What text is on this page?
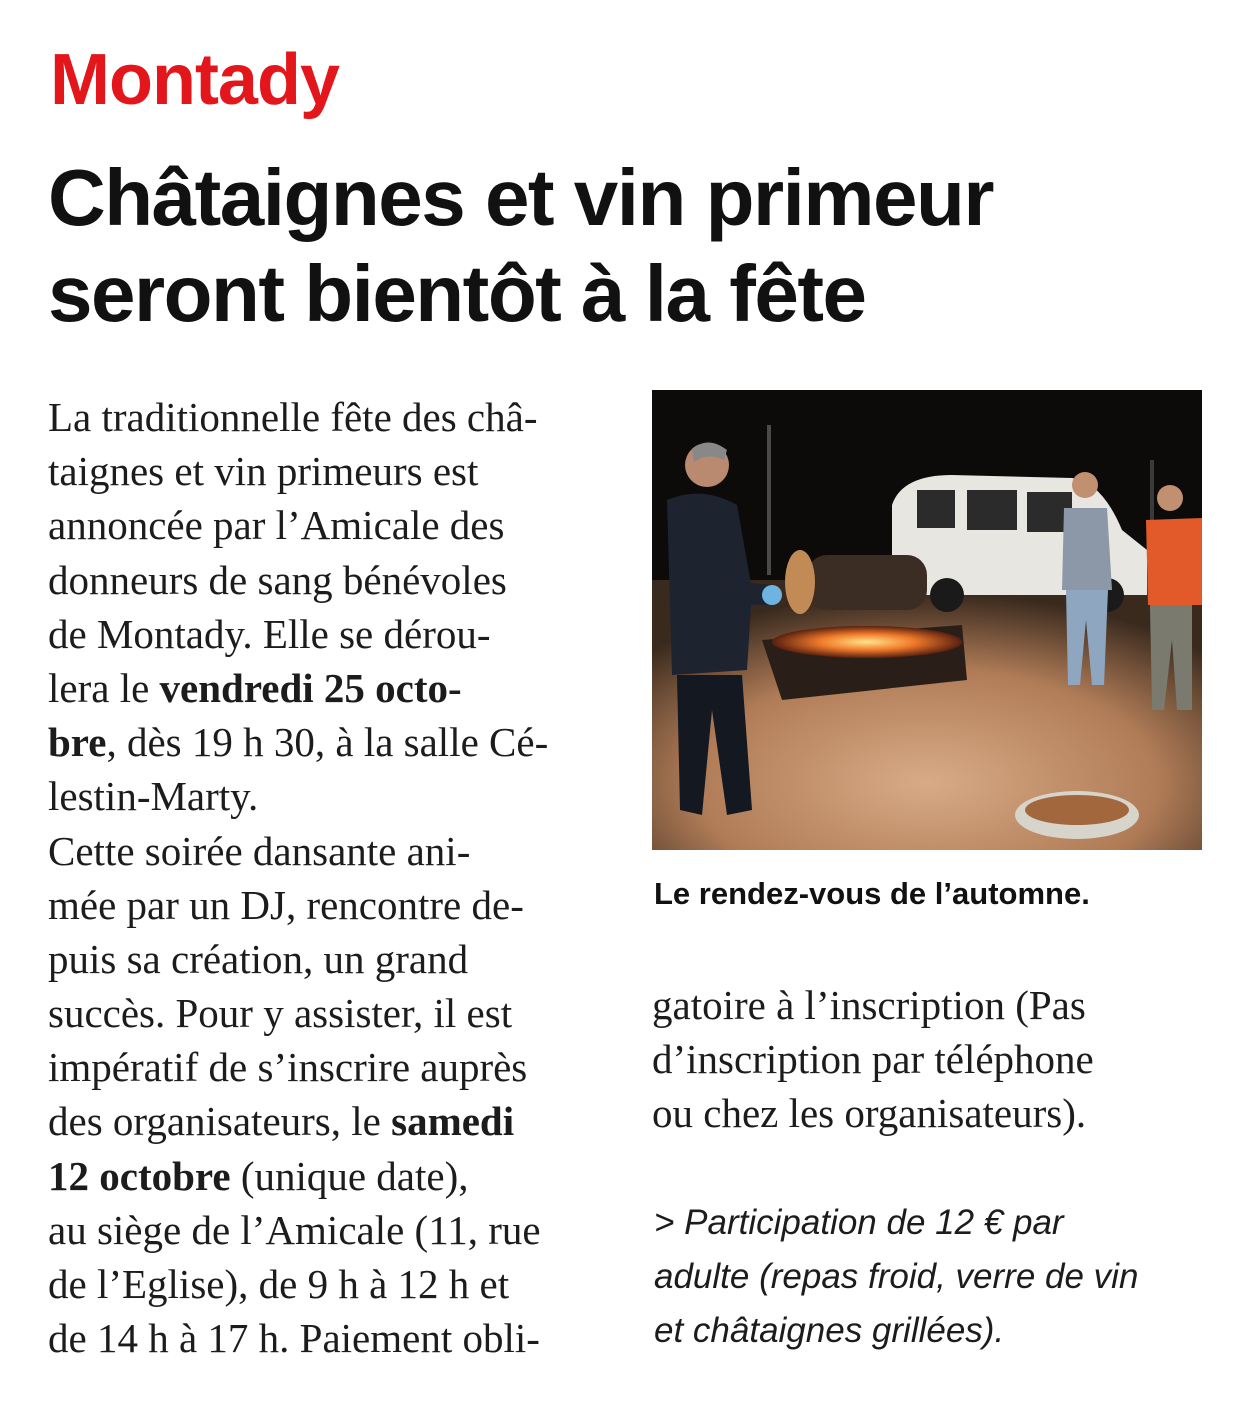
Montady
Châtaignes et vin primeur
seront bientôt à la fête
La traditionnelle fête des châ-
taignes et vin primeurs est
annoncée par l’Amicale des
donneurs de sang bénévoles
de Montady. Elle se dérou-
lera le vendredi 25 octo-
bre, dès 19 h 30, à la salle Cé-
lestin-Marty.
Cette soirée dansante ani-
mée par un DJ, rencontre de-
puis sa création, un grand
succès. Pour y assister, il est
impératif de s’inscrire auprès
des organisateurs, le samedi
12 octobre (unique date),
au siège de l’Amicale (11, rue
de l’Eglise), de 9 h à 12 h et
de 14 h à 17 h. Paiement obli-
Le rendez-vous de l’automne.
gatoire à l’inscription (Pas
d’inscription par téléphone
ou chez les organisateurs).
> Participation de 12 € par
adulte (repas froid, verre de vin
et châtaignes grillées).
